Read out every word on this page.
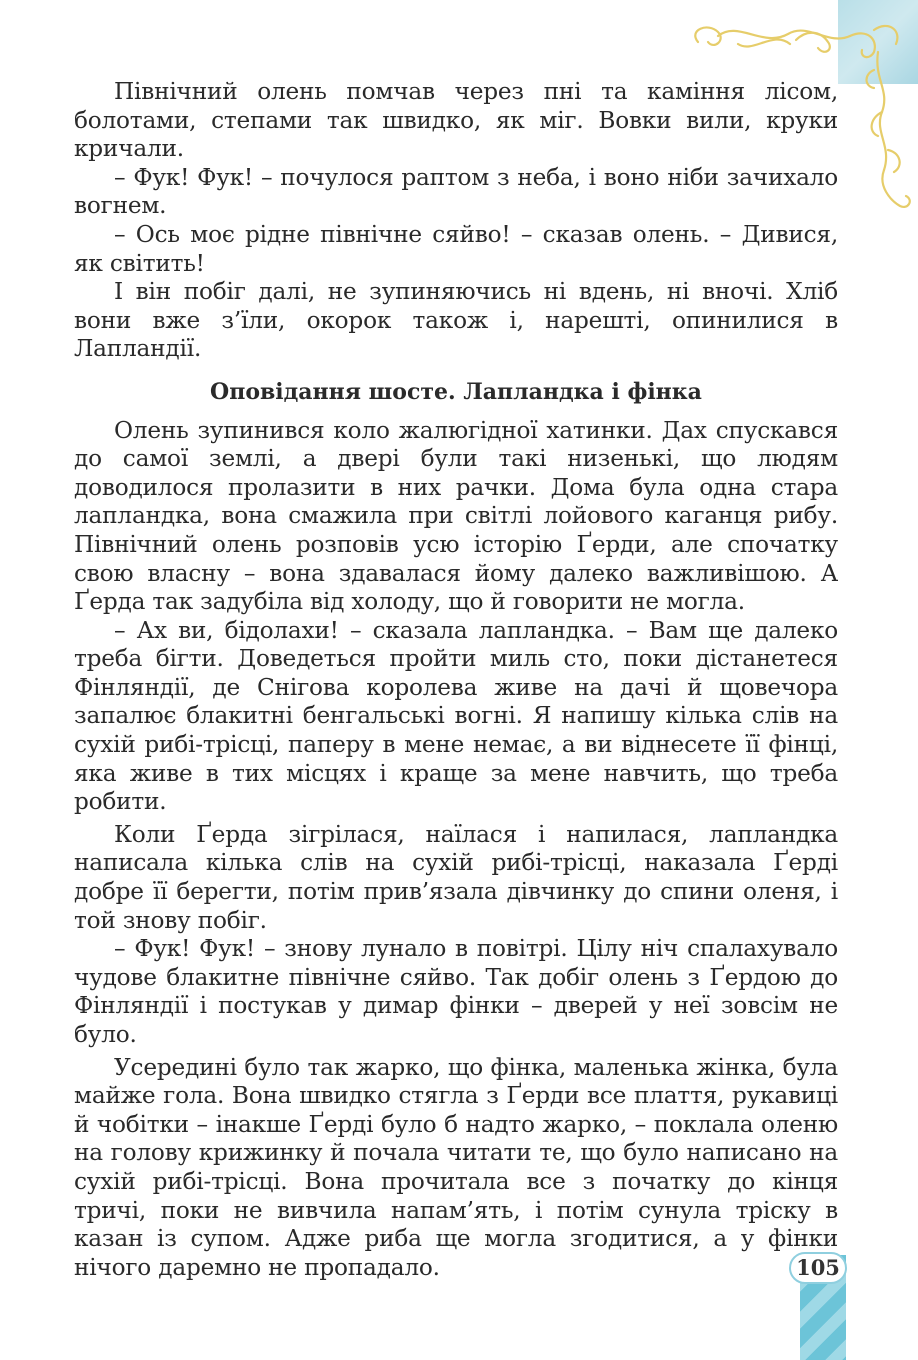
Північний олень помчав через пні та каміння лісом, болотами, степами так швидко, як міг. Вовки вили, круки кричали.

– Фук! Фук! – почулося раптом з неба, і воно ніби зачихало вогнем.

– Ось моє рідне північне сяйво! – сказав олень. – Дивися, як світить!

І він побіг далі, не зупиняючись ні вдень, ні вночі. Хліб вони вже з’їли, окорок також і, нарешті, опинилися в Лапландії.

Оповідання шосте. Лапландка і фінка

Олень зупинився коло жалюгідної хатинки. Дах спускався до самої землі, а двері були такі низенькі, що людям доводилося пролазити в них рачки. Дома була одна стара лапландка, вона смажила при світлі лойового каганця рибу. Північний олень розповів усю історію Ґерди, але спочатку свою власну – вона здавалася йому далеко важливішою. А Ґерда так задубіла від холоду, що й говорити не могла.

– Ах ви, бідолахи! – сказала лапландка. – Вам ще далеко треба бігти. Доведеться пройти миль сто, поки дістанетеся Фінляндії, де Снігова королева живе на дачі й щовечора запалює блакитні бенгальські вогні. Я напишу кілька слів на сухій рибі-трісці, паперу в мене немає, а ви віднесете її фінці, яка живе в тих місцях і краще за мене навчить, що треба робити.

Коли Ґерда зігрілася, наїлася і напилася, лапландка написала кілька слів на сухій рибі-трісці, наказала Ґерді добре її берегти, потім прив’язала дівчинку до спини оленя, і той знову побіг.

– Фук! Фук! – знову лунало в повітрі. Цілу ніч спалахувало чудове блакитне північне сяйво. Так добіг олень з Ґердою до Фінляндії і постукав у димар фінки – дверей у неї зовсім не було.

Усередині було так жарко, що фінка, маленька жінка, була майже гола. Вона швидко стягла з Ґерди все плаття, рукавиці й чобітки – інакше Ґерді було б надто жарко, – поклала оленю на голову крижинку й почала читати те, що було написано на сухій рибі-трісці. Вона прочитала все з початку до кінця тричі, поки не вивчила напам’ять, і потім сунула тріску в казан із супом. Адже риба ще могла згодитися, а у фінки нічого даремно не пропадало.	105
